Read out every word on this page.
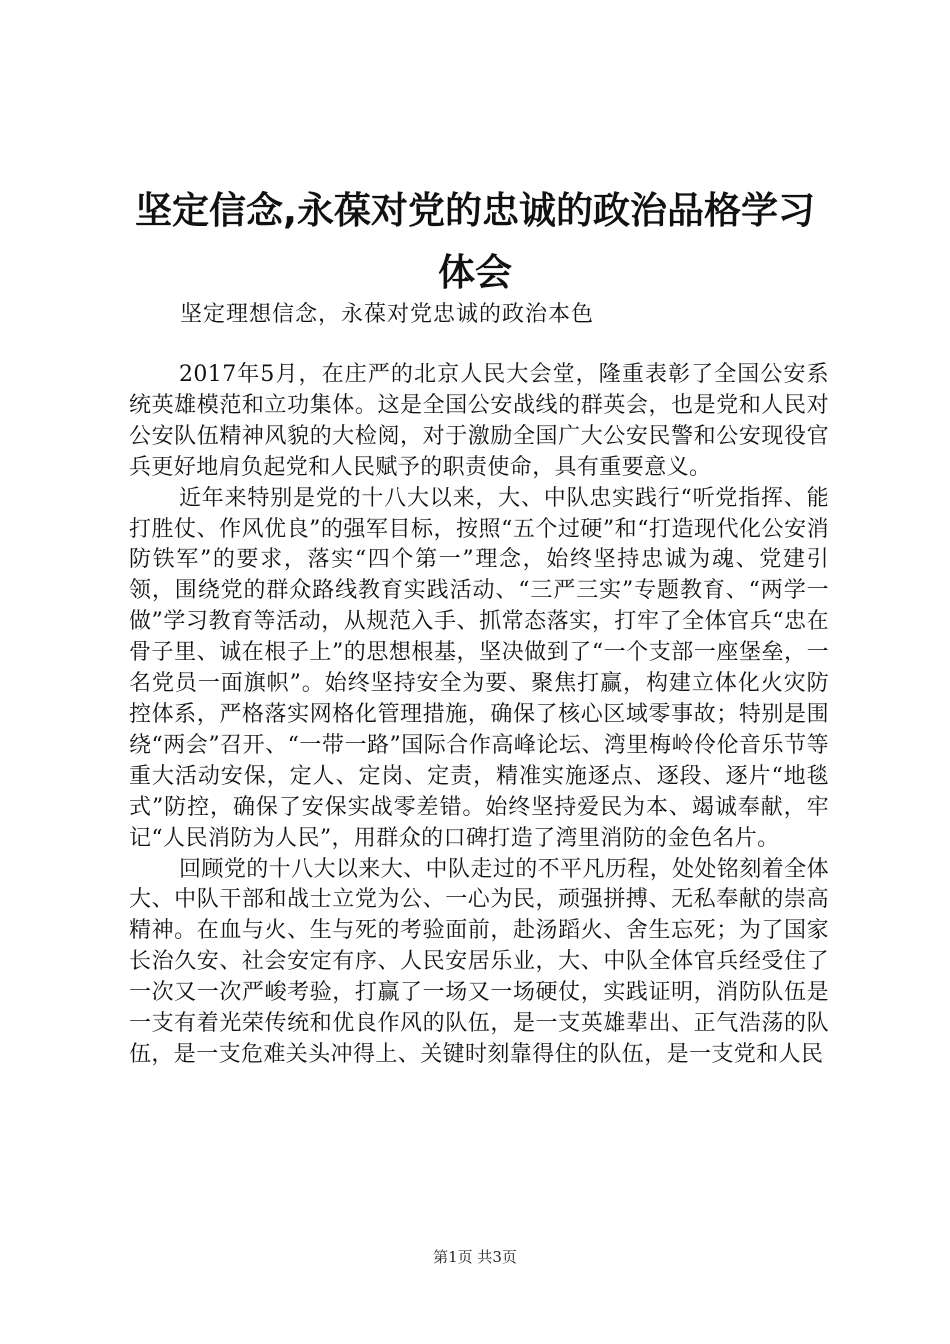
坚定信念,永葆对党的忠诚的政治品格学习体会
坚定理想信念，永葆对党忠诚的政治本色

2017年5月，在庄严的北京人民大会堂，隆重表彰了全国公安系统英雄模范和立功集体。这是全国公安战线的群英会，也是党和人民对公安队伍精神风貌的大检阅，对于激励全国广大公安民警和公安现役官兵更好地肩负起党和人民赋予的职责使命，具有重要意义。

近年来特别是党的十八大以来，大、中队忠实践行“听党指挥、能打胜仗、作风优良”的强军目标，按照“五个过硬”和“打造现代化公安消防铁军”的要求，落实“四个第一”理念，始终坚持忠诚为魂、党建引领，围绕党的群众路线教育实践活动、“三严三实”专题教育、“两学一做”学习教育等活动，从规范入手、抓常态落实，打牢了全体官兵“忠在骨子里、诚在根子上”的思想根基，坚决做到了“一个支部一座堡垒，一名党员一面旗帜”。始终坚持安全为要、聚焦打赢，构建立体化火灾防控体系，严格落实网格化管理措施，确保了核心区域零事故；特别是围绕“两会”召开、“一带一路”国际合作高峰论坛、湾里梅岭伶伦音乐节等重大活动安保，定人、定岗、定责，精准实施逐点、逐段、逐片“地毯式”防控，确保了安保实战零差错。始终坚持爱民为本、竭诚奉献，牢记“人民消防为人民”，用群众的口碑打造了湾里消防的金色名片。

回顾党的十八大以来大、中队走过的不平凡历程，处处铭刻着全体大、中队干部和战士立党为公、一心为民，顽强拼搏、无私奉献的崇高精神。在血与火、生与死的考验面前，赴汤蹈火、舍生忘死；为了国家长治久安、社会安定有序、人民安居乐业，大、中队全体官兵经受住了一次又一次严峻考验，打赢了一场又一场硬仗，实践证明，消防队伍是一支有着光荣传统和优良作风的队伍，是一支英雄辈出、正气浩荡的队伍，是一支危难关头冲得上、关键时刻靠得住的队伍，是一支党和人民

第1页 共3页
